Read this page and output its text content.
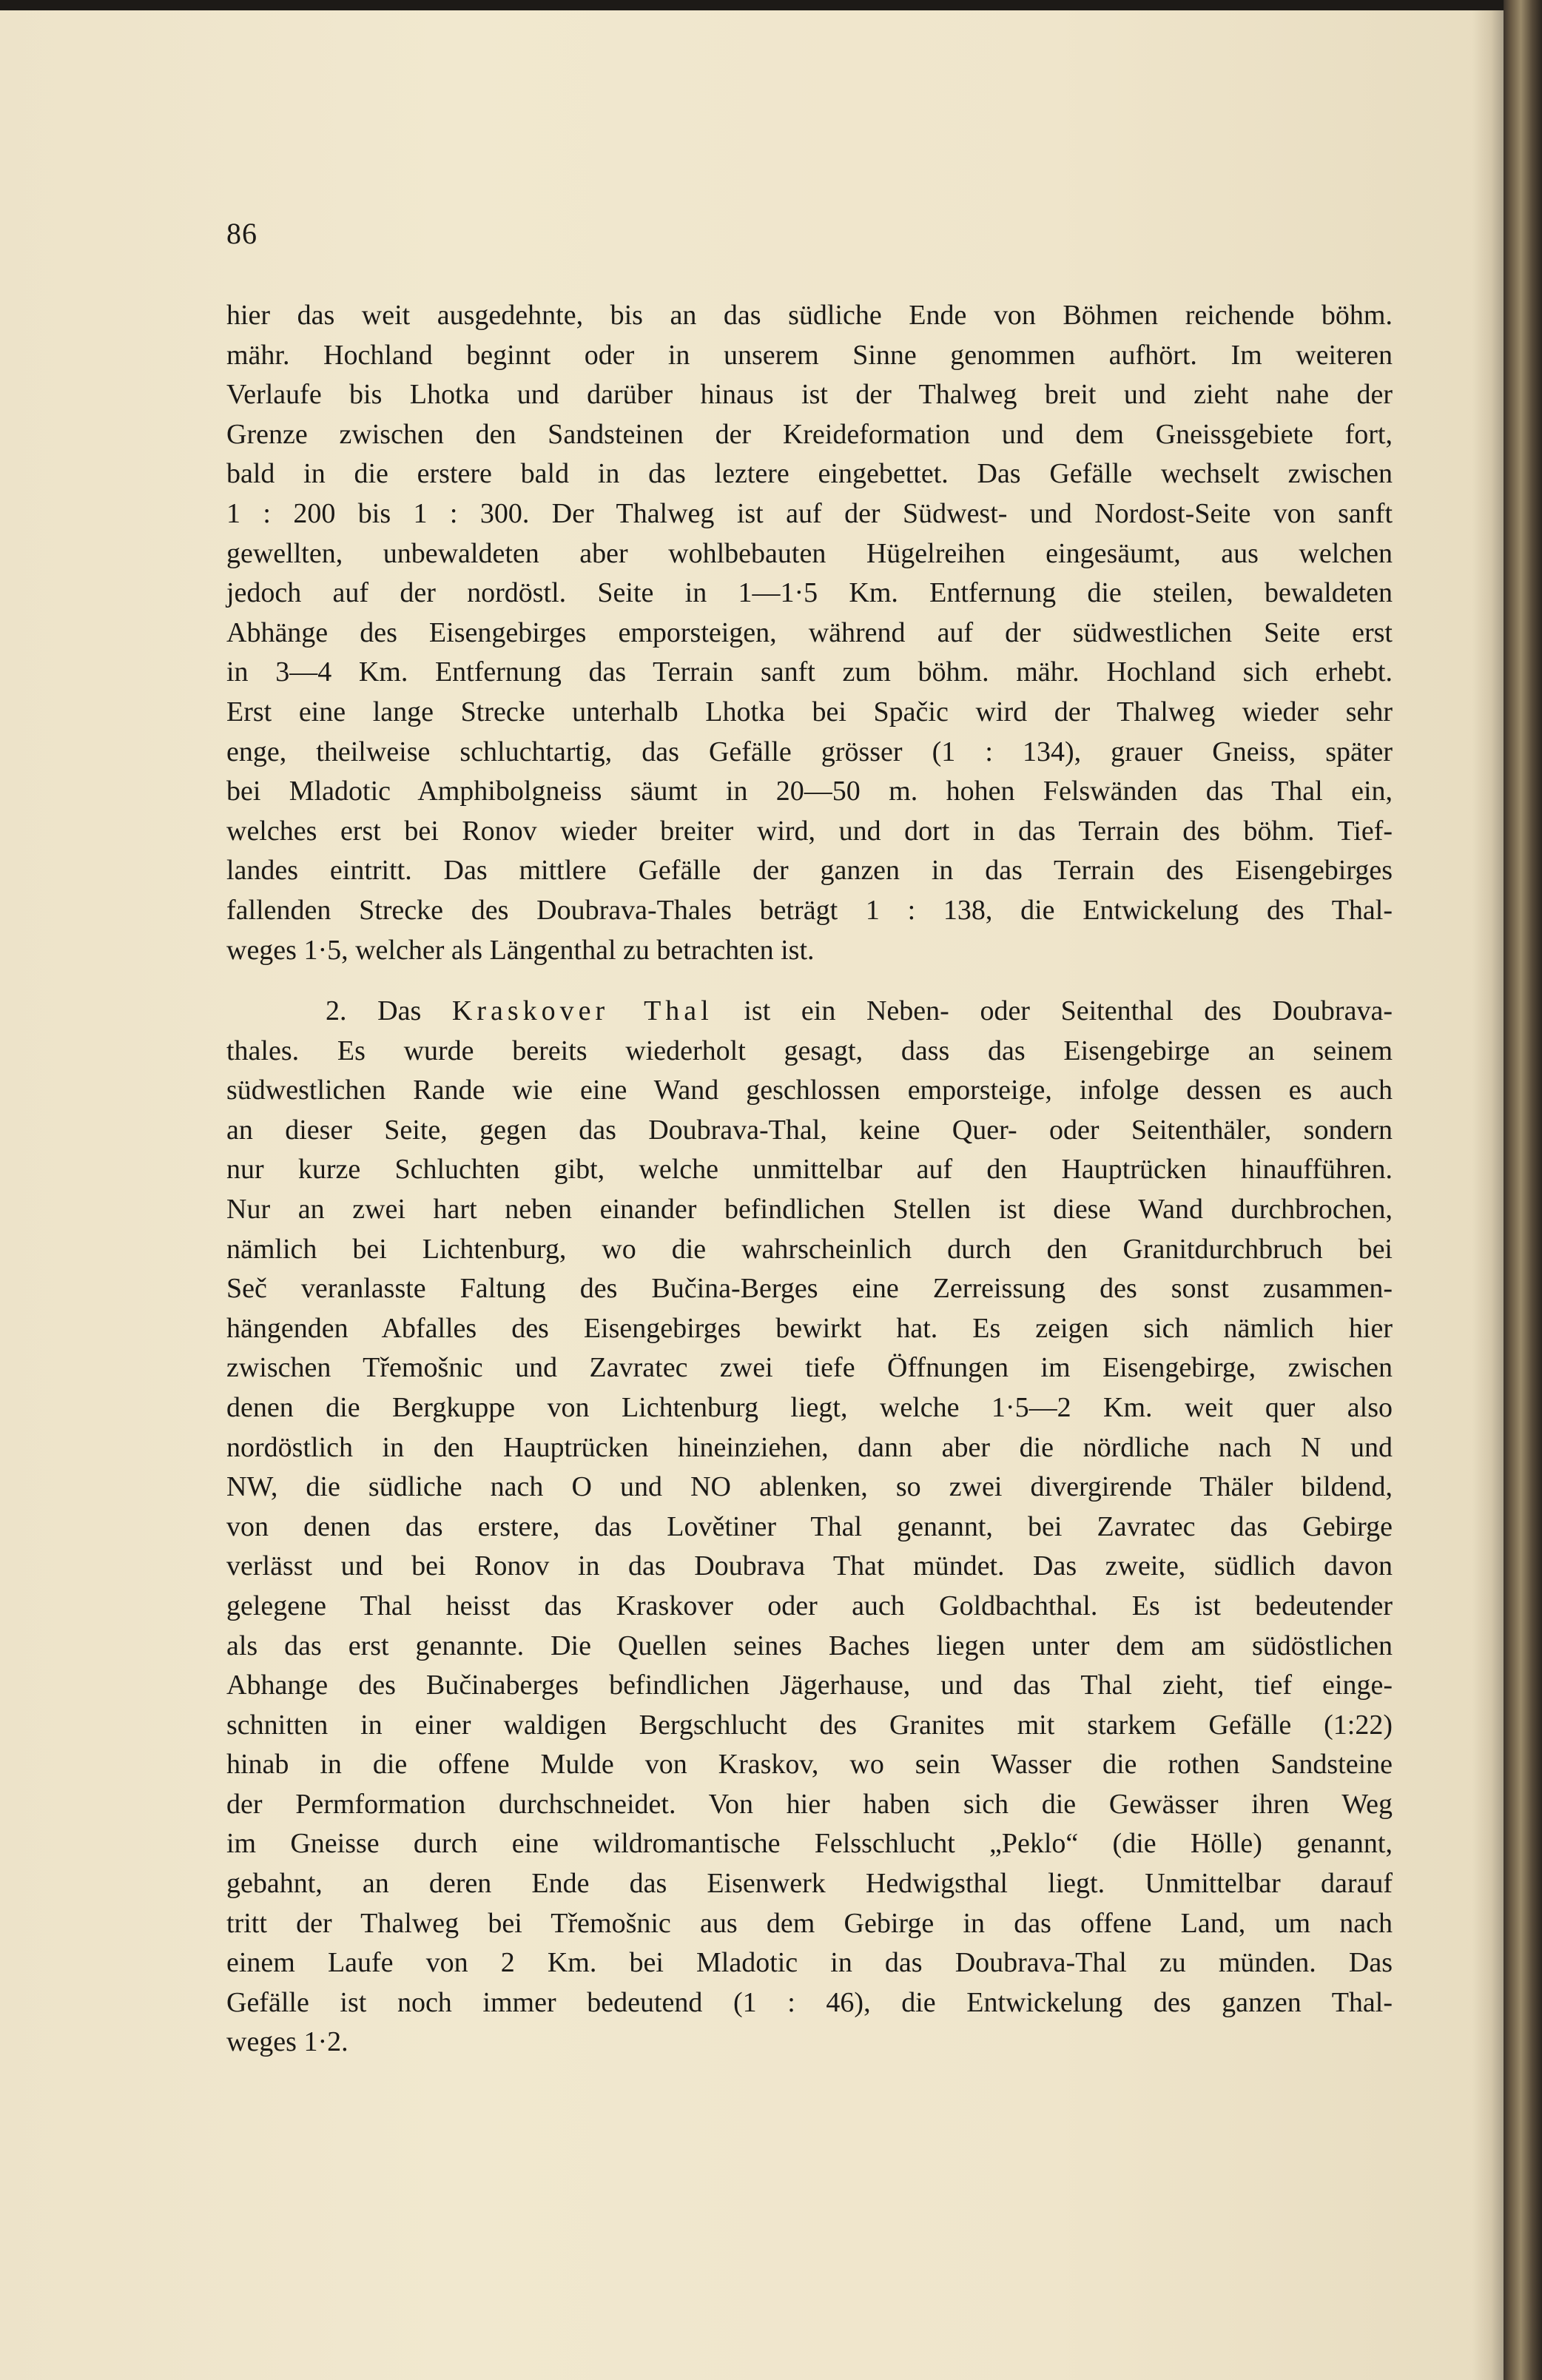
86
hier das weit ausgedehnte, bis an das südliche Ende von Böhmen reichende böhm.
mähr. Hochland beginnt oder in unserem Sinne genommen aufhört. Im weiteren
Verlaufe bis Lhotka und darüber hinaus ist der Thalweg breit und zieht nahe der
Grenze zwischen den Sandsteinen der Kreideformation und dem Gneissgebiete fort,
bald in die erstere bald in das leztere eingebettet. Das Gefälle wechselt zwischen
1 : 200 bis 1 : 300. Der Thalweg ist auf der Südwest- und Nordost-Seite von sanft
gewellten, unbewaldeten aber wohlbebauten Hügelreihen eingesäumt, aus welchen
jedoch auf der nordöstl. Seite in 1—1·5 Km. Entfernung die steilen, bewaldeten
Abhänge des Eisengebirges emporsteigen, während auf der südwestlichen Seite erst
in 3—4 Km. Entfernung das Terrain sanft zum böhm. mähr. Hochland sich erhebt.
Erst eine lange Strecke unterhalb Lhotka bei Spačic wird der Thalweg wieder sehr
enge, theilweise schluchtartig, das Gefälle grösser (1 : 134), grauer Gneiss, später
bei Mladotic Amphibolgneiss säumt in 20—50 m. hohen Felswänden das Thal ein,
welches erst bei Ronov wieder breiter wird, und dort in das Terrain des böhm. Tief-
landes eintritt. Das mittlere Gefälle der ganzen in das Terrain des Eisengebirges
fallenden Strecke des Doubrava-Thales beträgt 1 : 138, die Entwickelung des Thal-
weges 1·5, welcher als Längenthal zu betrachten ist.
2. Das Kraskover Thal ist ein Neben- oder Seitenthal des Doubrava-
thales. Es wurde bereits wiederholt gesagt, dass das Eisengebirge an seinem
südwestlichen Rande wie eine Wand geschlossen emporsteige, infolge dessen es auch
an dieser Seite, gegen das Doubrava-Thal, keine Quer- oder Seitenthäler, sondern
nur kurze Schluchten gibt, welche unmittelbar auf den Hauptrücken hinaufführen.
Nur an zwei hart neben einander befindlichen Stellen ist diese Wand durchbrochen,
nämlich bei Lichtenburg, wo die wahrscheinlich durch den Granitdurchbruch bei
Seč veranlasste Faltung des Bučina-Berges eine Zerreissung des sonst zusammen-
hängenden Abfalles des Eisengebirges bewirkt hat. Es zeigen sich nämlich hier
zwischen Třemošnic und Zavratec zwei tiefe Öffnungen im Eisengebirge, zwischen
denen die Bergkuppe von Lichtenburg liegt, welche 1·5—2 Km. weit quer also
nordöstlich in den Hauptrücken hineinziehen, dann aber die nördliche nach N und
NW, die südliche nach O und NO ablenken, so zwei divergirende Thäler bildend,
von denen das erstere, das Lovětiner Thal genannt, bei Zavratec das Gebirge
verlässt und bei Ronov in das Doubrava That mündet. Das zweite, südlich davon
gelegene Thal heisst das Kraskover oder auch Goldbachthal. Es ist bedeutender
als das erst genannte. Die Quellen seines Baches liegen unter dem am südöstlichen
Abhange des Bučinaberges befindlichen Jägerhause, und das Thal zieht, tief einge-
schnitten in einer waldigen Bergschlucht des Granites mit starkem Gefälle (1:22)
hinab in die offene Mulde von Kraskov, wo sein Wasser die rothen Sandsteine
der Permformation durchschneidet. Von hier haben sich die Gewässer ihren Weg
im Gneisse durch eine wildromantische Felsschlucht „Peklo“ (die Hölle) genannt,
gebahnt, an deren Ende das Eisenwerk Hedwigsthal liegt. Unmittelbar darauf
tritt der Thalweg bei Třemošnic aus dem Gebirge in das offene Land, um nach
einem Laufe von 2 Km. bei Mladotic in das Doubrava-Thal zu münden. Das
Gefälle ist noch immer bedeutend (1 : 46), die Entwickelung des ganzen Thal-
weges 1·2.
